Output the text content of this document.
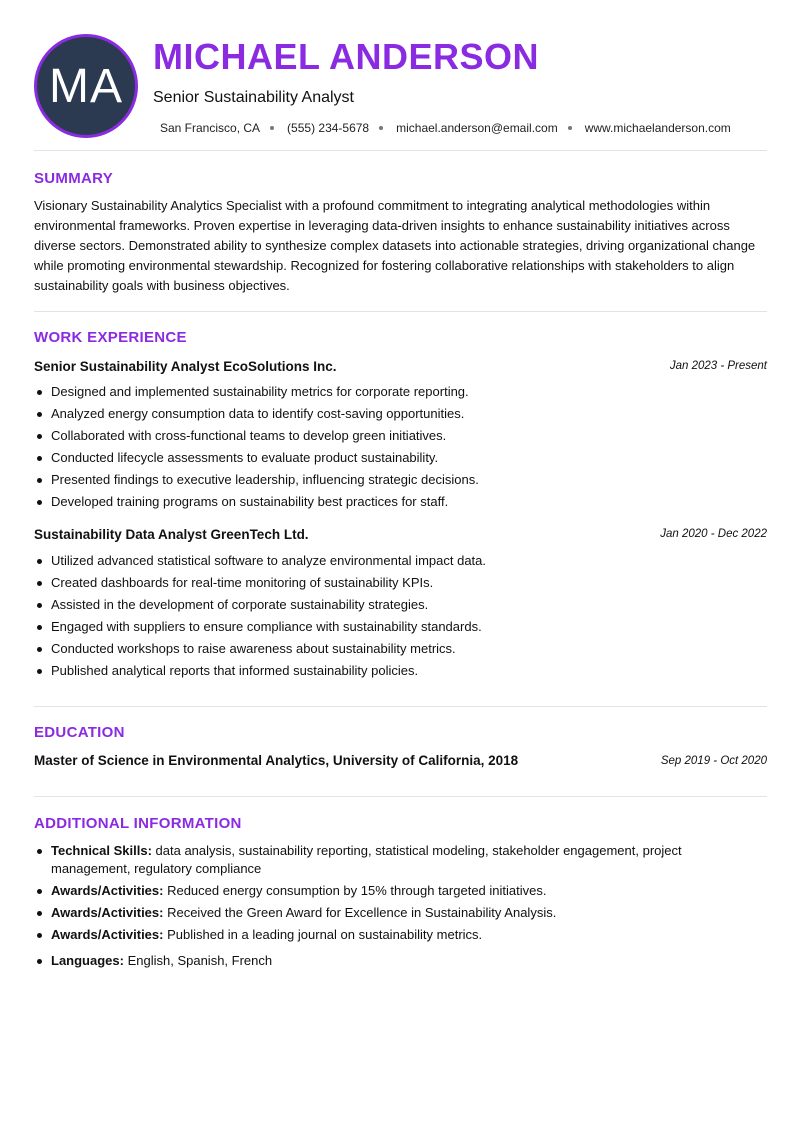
MA
MICHAEL ANDERSON
Senior Sustainability Analyst
San Francisco, CA (555) 234-5678 michael.anderson@email.com www.michaelanderson.com
SUMMARY

Visionary Sustainability Analytics Specialist with a profound commitment to integrating analytical methodologies within environmental frameworks. Proven expertise in leveraging data-driven insights to enhance sustainability initiatives across diverse sectors. Demonstrated ability to synthesize complex datasets into actionable strategies, driving organizational change while promoting environmental stewardship. Recognized for fostering collaborative relationships with stakeholders to align sustainability goals with business objectives.

WORK EXPERIENCE
Senior Sustainability Analyst EcoSolutions Inc.	Jan 2023 - Present
Designed and implemented sustainability metrics for corporate reporting.
Analyzed energy consumption data to identify cost-saving opportunities.
Collaborated with cross-functional teams to develop green initiatives.
Conducted lifecycle assessments to evaluate product sustainability.
Presented findings to executive leadership, influencing strategic decisions.
Developed training programs on sustainability best practices for staff.
Sustainability Data Analyst GreenTech Ltd.	Jan 2020 - Dec 2022
Utilized advanced statistical software to analyze environmental impact data.
Created dashboards for real-time monitoring of sustainability KPIs.
Assisted in the development of corporate sustainability strategies.
Engaged with suppliers to ensure compliance with sustainability standards.
Conducted workshops to raise awareness about sustainability metrics.
Published analytical reports that informed sustainability policies.
EDUCATION
Master of Science in Environmental Analytics, University of California, 2018	Sep 2019 - Oct 2020
ADDITIONAL INFORMATION
Technical Skills: data analysis, sustainability reporting, statistical modeling, stakeholder engagement, project management, regulatory compliance
Awards/Activities: Reduced energy consumption by 15% through targeted initiatives.
Awards/Activities: Received the Green Award for Excellence in Sustainability Analysis.
Awards/Activities: Published in a leading journal on sustainability metrics.
Languages: English, Spanish, French
